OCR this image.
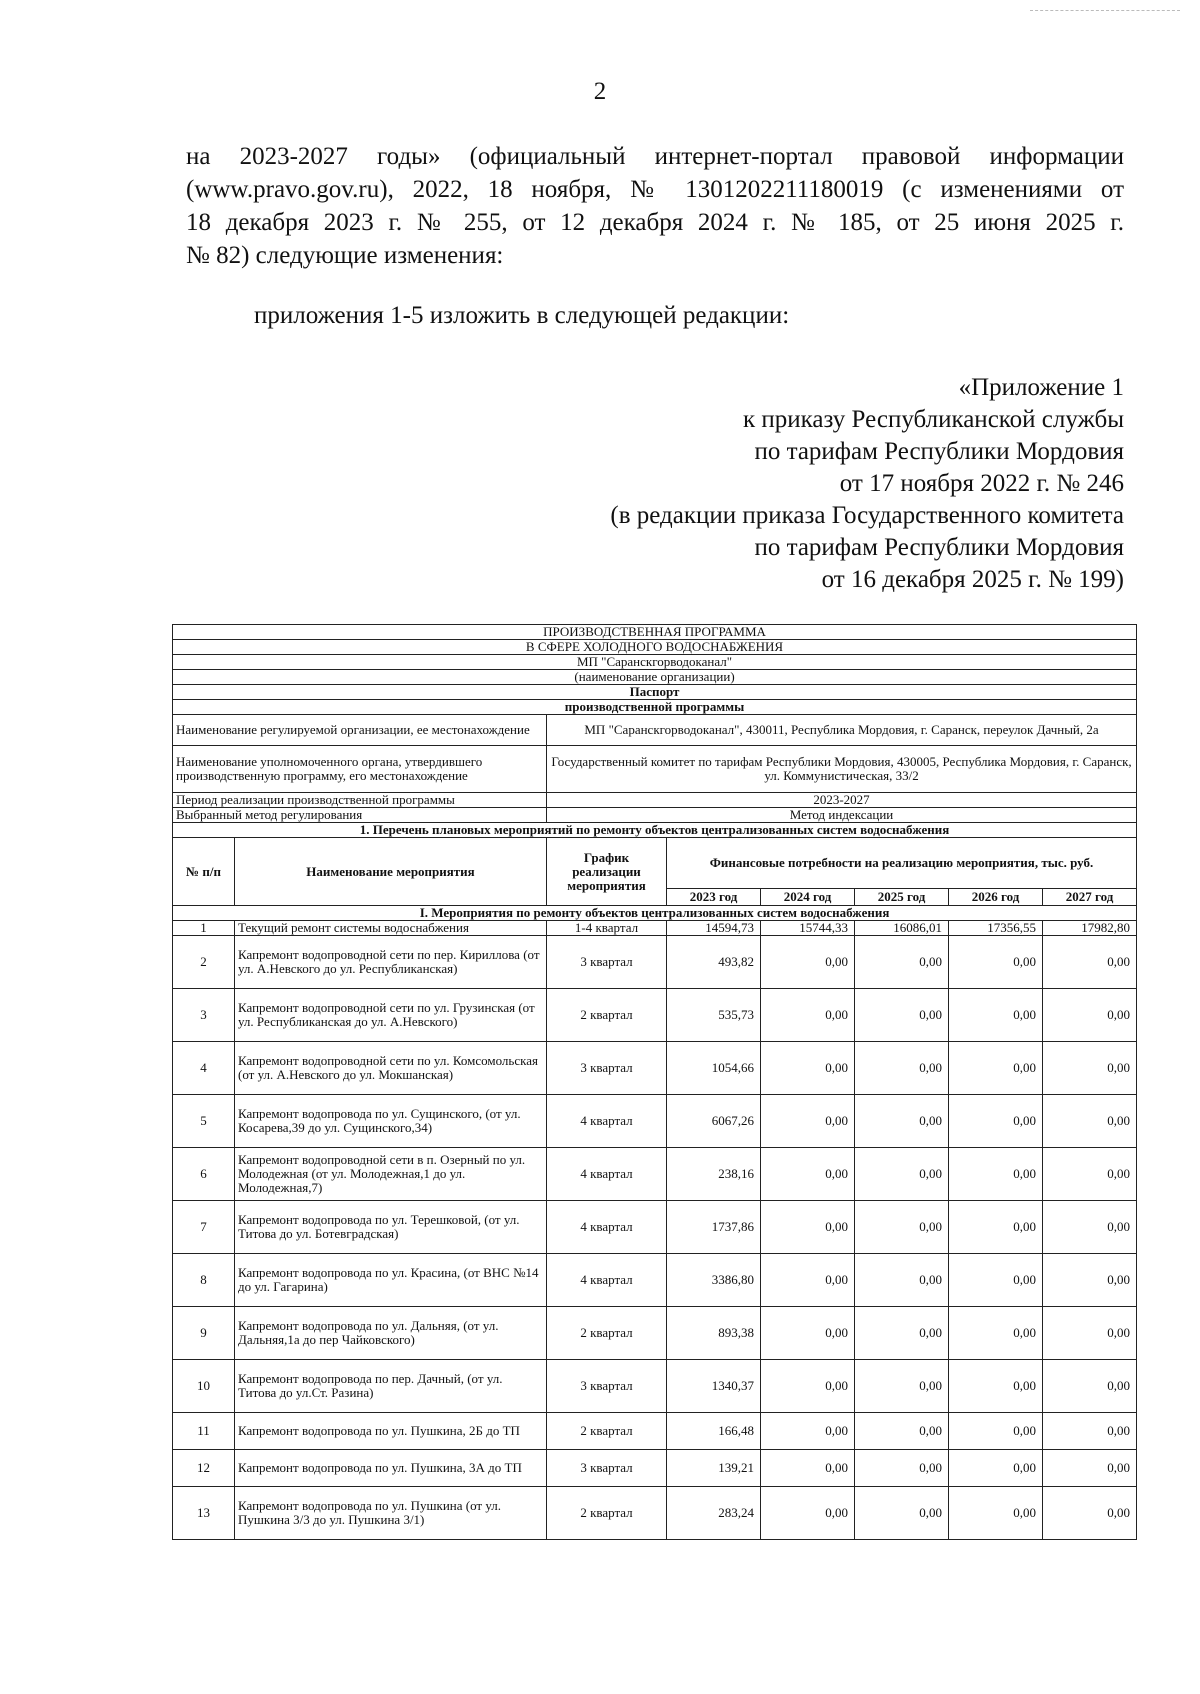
2
на 2023-2027 годы» (официальный интернет-портал правовой информации
(www.pravo.gov.ru), 2022, 18 ноября, № 1301202211180019 (с изменениями от
18 декабря 2023 г. № 255, от 12 декабря 2024 г. № 185, от 25 июня 2025 г.
№ 82) следующие изменения:
приложения 1-5 изложить в следующей редакции:
«Приложение 1
к приказу Республиканской службы
по тарифам Республики Мордовия
от 17 ноября 2022 г. № 246
(в редакции приказа Государственного комитета
по тарифам Республики Мордовия
от 16 декабря 2025 г. № 199)
ПРОИЗВОДСТВЕННАЯ ПРОГРАММА							
В СФЕРЕ ХОЛОДНОГО ВОДОСНАБЖЕНИЯ							
МП "Саранскгорводоканал"							
(наименование организации)							
Паспорт							
производственной программы							
Наименование регулируемой организации, ее местонахождение		МП "Саранскгорводоканал", 430011, Республика Мордовия, г. Саранск, переулок Дачный, 2а					
Наименование уполномоченного органа, утвердившего производственную программу, его местонахождение		Государственный комитет по тарифам Республики Мордовия, 430005, Республика Мордовия, г. Саранск, ул. Коммунистическая, 33/2					
Период реализации производственной программы		2023-2027					
Выбранный метод регулирования		Метод индексации					
1. Перечень плановых мероприятий по ремонту объектов централизованных систем водоснабжения							
№ п/п	Наименование мероприятия	График реализации мероприятия	Финансовые потребности на реализацию мероприятия, тыс. руб.				
			2023 год	2024 год	2025 год	2026 год	2027 год
I. Мероприятия по ремонту объектов централизованных систем водоснабжения							
1	Текущий ремонт системы водоснабжения	1-4 квартал	14594,73	15744,33	16086,01	17356,55	17982,80
2	Капремонт водопроводной сети по пер. Кириллова (от ул. А.Невского до ул. Республиканская)	3 квартал	493,82	0,00	0,00	0,00	0,00
3	Капремонт водопроводной сети по ул. Грузинская (от ул. Республиканская до ул. А.Невского)	2 квартал	535,73	0,00	0,00	0,00	0,00
4	Капремонт водопроводной сети по ул. Комсомольская (от ул. А.Невского до ул. Мокшанская)	3 квартал	1054,66	0,00	0,00	0,00	0,00
5	Капремонт водопровода по ул. Сущинского, (от ул. Косарева,39 до ул. Сущинского,34)	4 квартал	6067,26	0,00	0,00	0,00	0,00
6	Капремонт водопроводной сети в п. Озерный по ул. Молодежная (от ул. Молодежная,1 до ул. Молодежная,7)	4 квартал	238,16	0,00	0,00	0,00	0,00
7	Капремонт водопровода по ул. Терешковой, (от ул. Титова до ул. Ботевградская)	4 квартал	1737,86	0,00	0,00	0,00	0,00
8	Капремонт водопровода по ул. Красина, (от ВНС №14 до ул. Гагарина)	4 квартал	3386,80	0,00	0,00	0,00	0,00
9	Капремонт водопровода по ул. Дальняя, (от ул. Дальняя,1а до пер Чайковского)	2 квартал	893,38	0,00	0,00	0,00	0,00
10	Капремонт водопровода по пер. Дачный, (от ул. Титова до ул.Ст. Разина)	3 квартал	1340,37	0,00	0,00	0,00	0,00
11	Капремонт водопровода по ул. Пушкина, 2Б до ТП	2 квартал	166,48	0,00	0,00	0,00	0,00
12	Капремонт водопровода по ул. Пушкина, 3А до ТП	3 квартал	139,21	0,00	0,00	0,00	0,00
13	Капремонт водопровода по ул. Пушкина (от ул. Пушкина 3/3 до ул. Пушкина 3/1)	2 квартал	283,24	0,00	0,00	0,00	0,00
